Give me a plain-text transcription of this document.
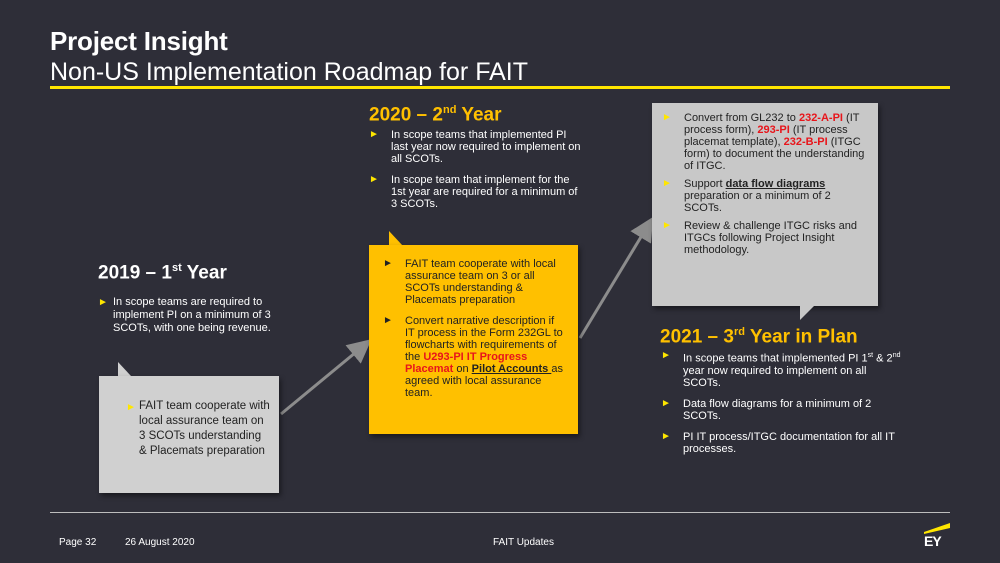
Project Insight
Non-US Implementation Roadmap for FAIT
2019 – 1st Year
► In scope teams are required to implement PI on a minimum of 3 SCOTs, with one being revenue.
► FAIT team cooperate with local assurance team on 3 SCOTs understanding & Placemats preparation
2020 – 2nd Year
► In scope teams that implemented PI last year now required to implement on all SCOTs.
► In scope team that implement for the 1st year are required for a minimum of 3 SCOTs.
► FAIT team cooperate with local assurance team on 3 or all SCOTs understanding & Placemats preparation
► Convert narrative description if IT process in the Form 232GL to flowcharts with requirements of the U293-PI IT Progress Placemat on Pilot Accounts as agreed with local assurance team.
► Convert from GL232 to 232-A-PI (IT process form), 293-PI (IT process placemat template), 232-B-PI (ITGC form) to document the understanding of ITGC.
► Support data flow diagrams preparation or a minimum of 2 SCOTs.
► Review & challenge ITGC risks and ITGCs following Project Insight methodology.
2021 – 3rd Year in Plan
► In scope teams that implemented PI 1st & 2nd year now required to implement on all SCOTs.
► Data flow diagrams for a minimum of 2 SCOTs.
► PI IT process/ITGC documentation for all IT processes.
Page 32	26 August 2020	FAIT Updates	EY
